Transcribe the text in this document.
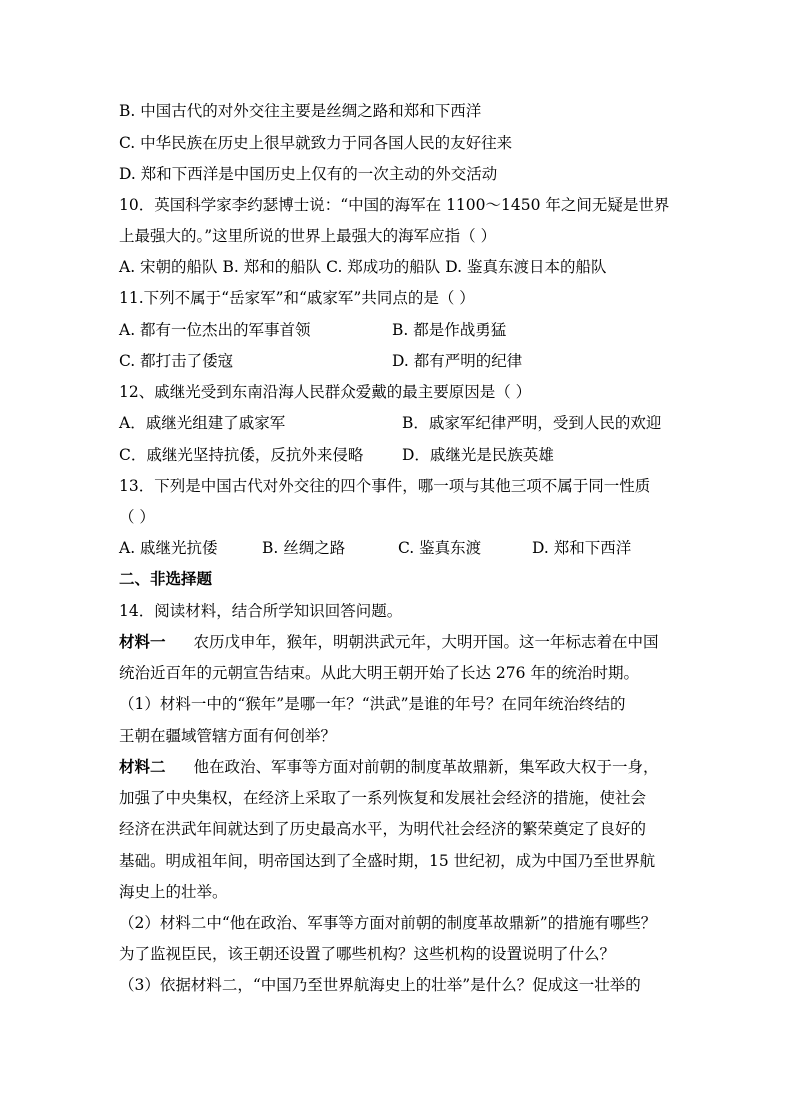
B. 中国古代的对外交往主要是丝绸之路和郑和下西洋
C. 中华民族在历史上很早就致力于同各国人民的友好往来
D. 郑和下西洋是中国历史上仅有的一次主动的外交活动
10．英国科学家李约瑟博士说：“中国的海军在 1100～1450 年之间无疑是世界
上最强大的。”这里所说的世界上最强大的海军应指（ ）
A. 宋朝的船队 B. 郑和的船队 C. 郑成功的船队 D. 鉴真东渡日本的船队
11.下列不属于“岳家军”和“戚家军”共同点的是（ ）
A. 都有一位杰出的军事首领	B. 都是作战勇猛
C. 都打击了倭寇	D. 都有严明的纪律
12、戚继光受到东南沿海人民群众爱戴的最主要原因是（ ）
A．戚继光组建了戚家军	B．戚家军纪律严明，受到人民的欢迎
C．戚继光坚持抗倭，反抗外来侵略 D．戚继光是民族英雄
13．下列是中国古代对外交往的四个事件，哪一项与其他三项不属于同一性质
（ ）
A. 戚继光抗倭	B. 丝绸之路	C. 鉴真东渡	D. 郑和下西洋
二、非选择题
14．阅读材料，结合所学知识回答问题。
材料一 农历戊申年，猴年，明朝洪武元年，大明开国。这一年标志着在中国
统治近百年的元朝宣告结束。从此大明王朝开始了长达 276 年的统治时期。
（1）材料一中的“猴年”是哪一年？“洪武”是谁的年号？在同年统治终结的
王朝在疆域管辖方面有何创举？
材料二 他在政治、军事等方面对前朝的制度革故鼎新，集军政大权于一身，
加强了中央集权，在经济上采取了一系列恢复和发展社会经济的措施，使社会
经济在洪武年间就达到了历史最高水平，为明代社会经济的繁荣奠定了良好的
基础。明成祖年间，明帝国达到了全盛时期，15 世纪初，成为中国乃至世界航
海史上的壮举。
（2）材料二中“他在政治、军事等方面对前朝的制度革故鼎新”的措施有哪些？
为了监视臣民，该王朝还设置了哪些机构？这些机构的设置说明了什么？
（3）依据材料二，“中国乃至世界航海史上的壮举”是什么？促成这一壮举的
